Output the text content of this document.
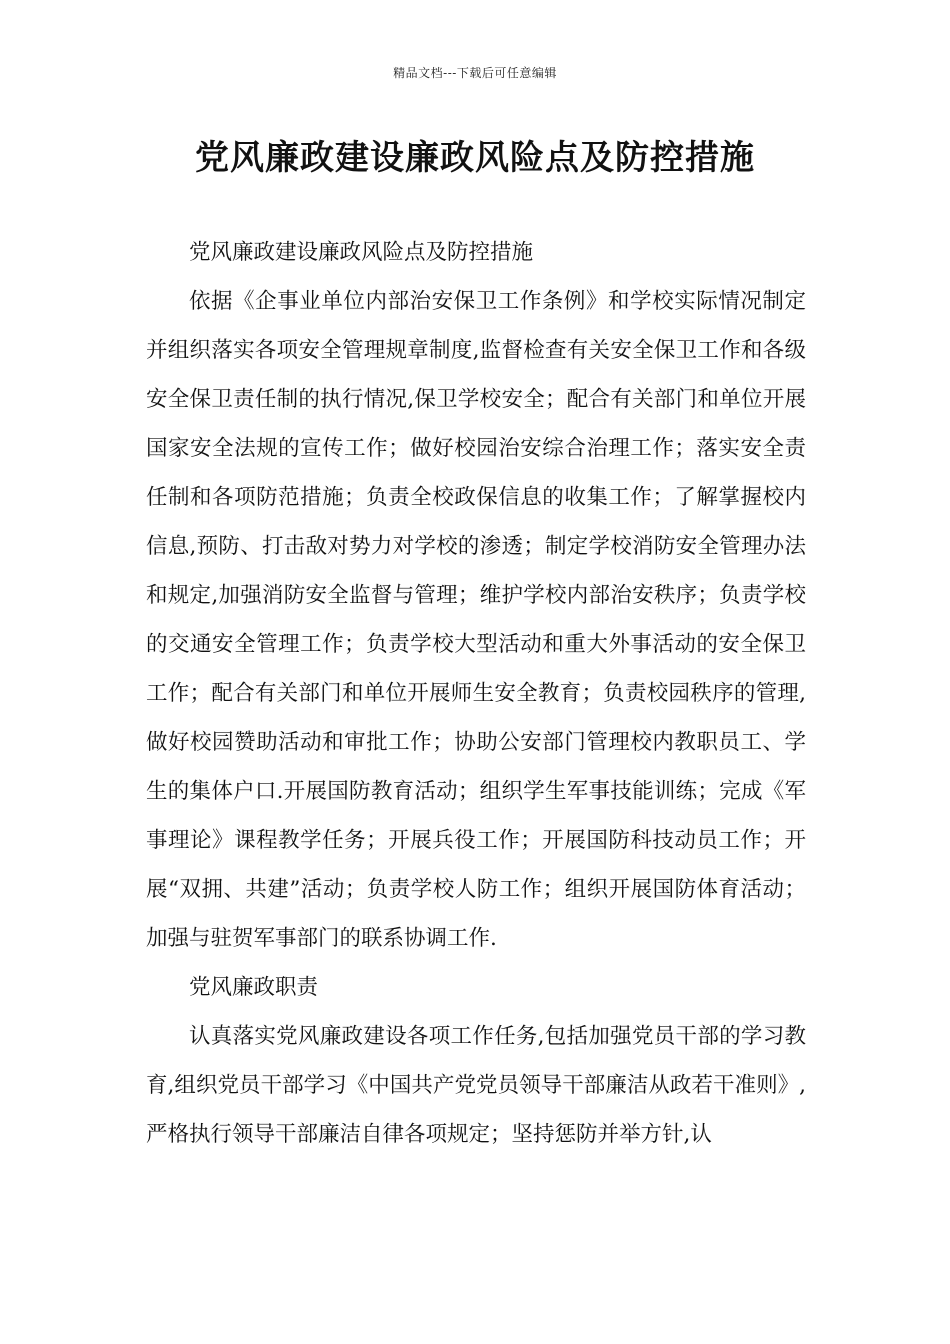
精品文档---下载后可任意编辑
党风廉政建设廉政风险点及防控措施

党风廉政建设廉政风险点及防控措施

依据《企事业单位内部治安保卫工作条例》和学校实际情况制定并组织落实各项安全管理规章制度,监督检查有关安全保卫工作和各级安全保卫责任制的执行情况,保卫学校安全；配合有关部门和单位开展国家安全法规的宣传工作；做好校园治安综合治理工作；落实安全责任制和各项防范措施；负责全校政保信息的收集工作；了解掌握校内信息,预防、打击敌对势力对学校的渗透；制定学校消防安全管理办法和规定,加强消防安全监督与管理；维护学校内部治安秩序；负责学校的交通安全管理工作；负责学校大型活动和重大外事活动的安全保卫工作；配合有关部门和单位开展师生安全教育；负责校园秩序的管理,做好校园赞助活动和审批工作；协助公安部门管理校内教职员工、学生的集体户口.开展国防教育活动；组织学生军事技能训练；完成《军事理论》课程教学任务；开展兵役工作；开展国防科技动员工作；开展“双拥、共建”活动；负责学校人防工作；组织开展国防体育活动；加强与驻贺军事部门的联系协调工作.

党风廉政职责

认真落实党风廉政建设各项工作任务,包括加强党员干部的学习教育,组织党员干部学习《中国共产党党员领导干部廉洁从政若干准则》,严格执行领导干部廉洁自律各项规定；坚持惩防并举方针,认
